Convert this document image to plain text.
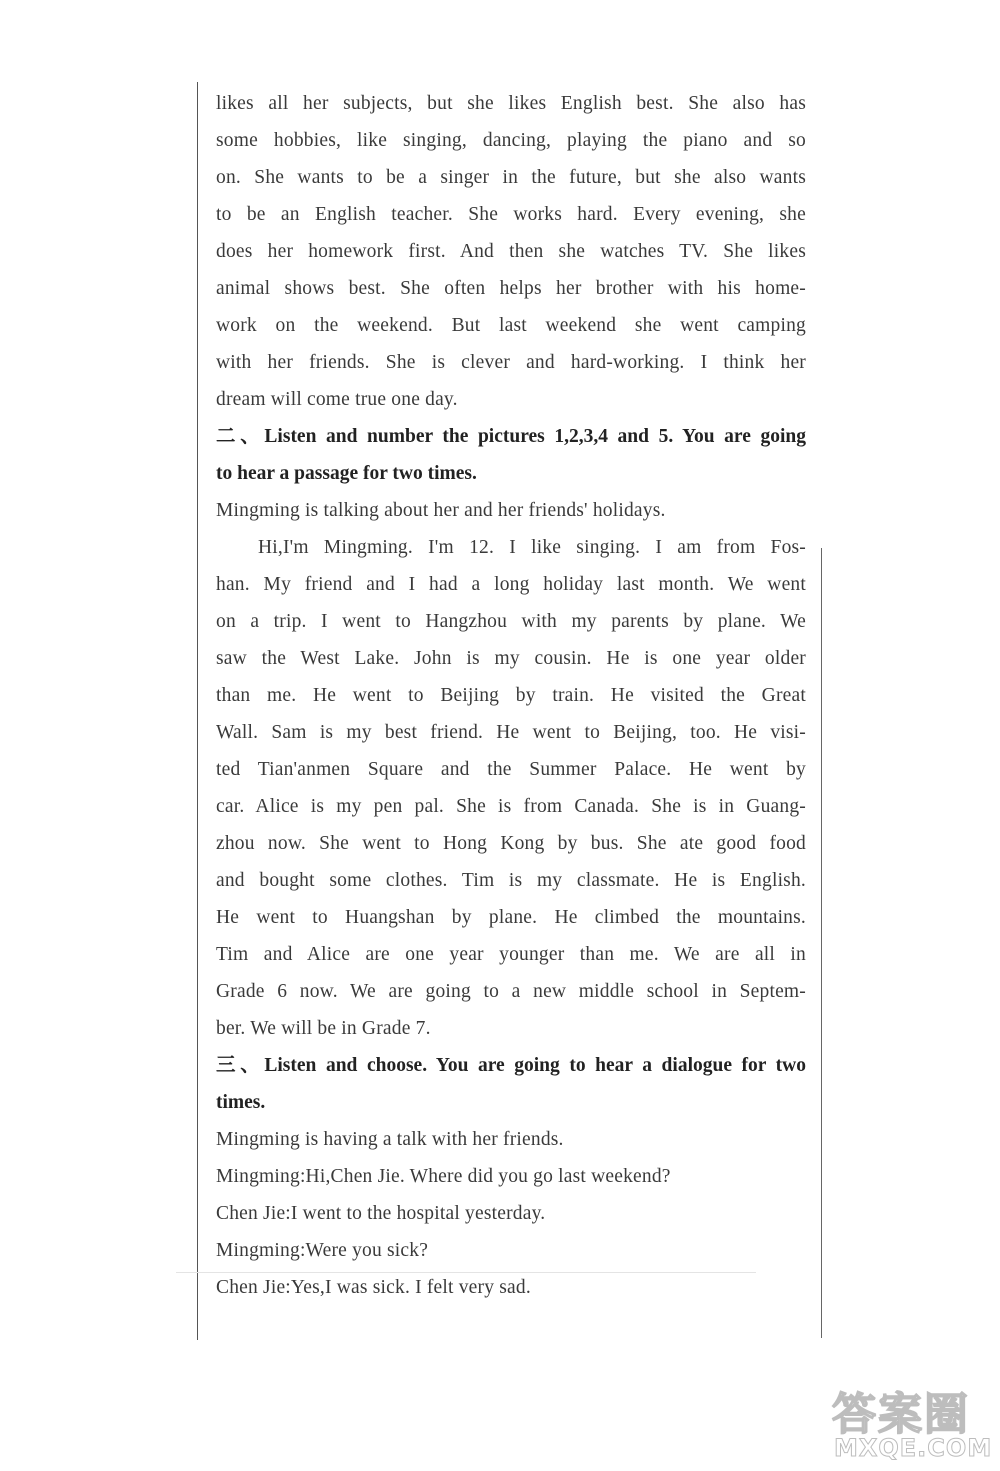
likes all her subjects, but she likes English best. She also has
some hobbies, like singing, dancing, playing the piano and so
on. She wants to be a singer in the future, but she also wants
to be an English teacher. She works hard. Every evening, she
does her homework first. And then she watches TV. She likes
animal shows best. She often helps her brother with his home-
work on the weekend. But last weekend she went camping
with her friends. She is clever and hard-working. I think her
dream will come true one day.
二、Listen and number the pictures 1,2,3,4 and 5. You are going
to hear a passage for two times.
Mingming is talking about her and her friends' holidays.
Hi,I'm Mingming. I'm 12. I like singing. I am from Fos-
han. My friend and I had a long holiday last month. We went
on a trip. I went to Hangzhou with my parents by plane. We
saw the West Lake. John is my cousin. He is one year older
than me. He went to Beijing by train. He visited the Great
Wall. Sam is my best friend. He went to Beijing, too. He visi-
ted Tian'anmen Square and the Summer Palace. He went by
car. Alice is my pen pal. She is from Canada. She is in Guang-
zhou now. She went to Hong Kong by bus. She ate good food
and bought some clothes. Tim is my classmate. He is English.
He went to Huangshan by plane. He climbed the mountains.
Tim and Alice are one year younger than me. We are all in
Grade 6 now. We are going to a new middle school in Septem-
ber. We will be in Grade 7.
三、Listen and choose. You are going to hear a dialogue for two
times.
Mingming is having a talk with her friends.
Mingming:Hi,Chen Jie. Where did you go last weekend?
Chen Jie:I went to the hospital yesterday.
Mingming:Were you sick?
Chen Jie:Yes,I was sick. I felt very sad.
答案圈
MXQE.COM
